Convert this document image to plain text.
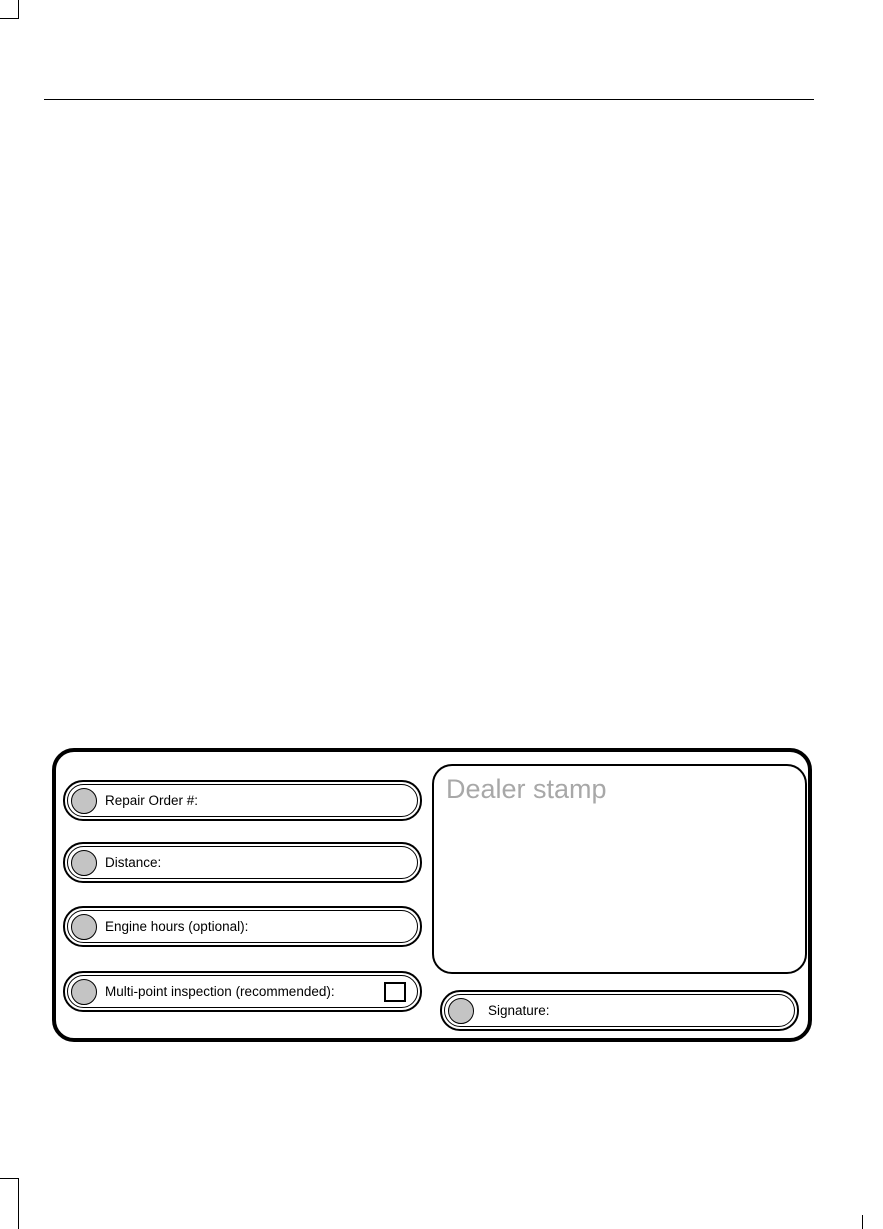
Repair Order #:
Distance:
Engine hours (optional):
Multi-point inspection (recommended):
Dealer stamp
Signature:
